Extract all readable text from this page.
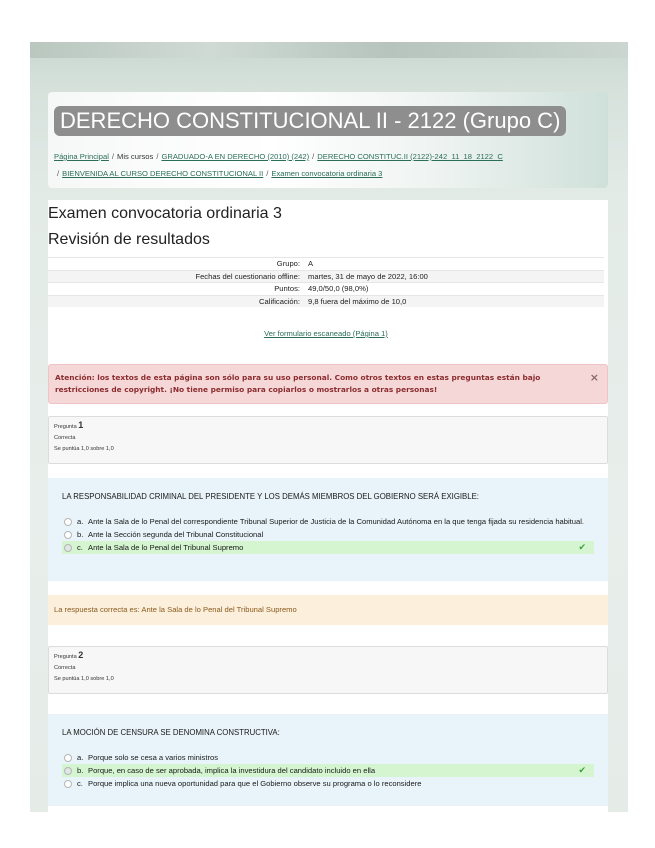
DERECHO CONSTITUCIONAL II - 2122 (Grupo C)
Página Principal / Mis cursos / GRADUADO-A EN DERECHO (2010) (242) / DERECHO CONSTITUC.II (2122)-242_11_18_2122_C
/ BIENVENIDA AL CURSO DERECHO CONSTITUCIONAL II / Examen convocatoria ordinaria 3
Examen convocatoria ordinaria 3
Revisión de resultados
Grupo:	A
Fechas del cuestionario offline:	martes, 31 de mayo de 2022, 16:00
Puntos:	49,0/50,0 (98,0%)
Calificación:	9,8 fuera del máximo de 10,0
Ver formulario escaneado (Página 1)
Atención: los textos de esta página son sólo para su uso personal. Como otros textos en estas preguntas están bajo restricciones de copyright. ¡No tiene permiso para copiarlos o mostrarlos a otras personas!
×
Pregunta 1
Correcta
Se puntúa 1,0 sobre 1,0
LA RESPONSABILIDAD CRIMINAL DEL PRESIDENTE Y LOS DEMÁS MIEMBROS DEL GOBIERNO SERÁ EXIGIBLE:
a. Ante la Sala de lo Penal del correspondiente Tribunal Superior de Justicia de la Comunidad Autónoma en la que tenga fijada su residencia habitual.
b. Ante la Sección segunda del Tribunal Constitucional
c. Ante la Sala de lo Penal del Tribunal Supremo	✔
La respuesta correcta es: Ante la Sala de lo Penal del Tribunal Supremo
Pregunta 2
Correcta
Se puntúa 1,0 sobre 1,0
LA MOCIÓN DE CENSURA SE DENOMINA CONSTRUCTIVA:
a. Porque solo se cesa a varios ministros
b. Porque, en caso de ser aprobada, implica la investidura del candidato incluido en ella	✔
c. Porque implica una nueva oportunidad para que el Gobierno observe su programa o lo reconsidere
